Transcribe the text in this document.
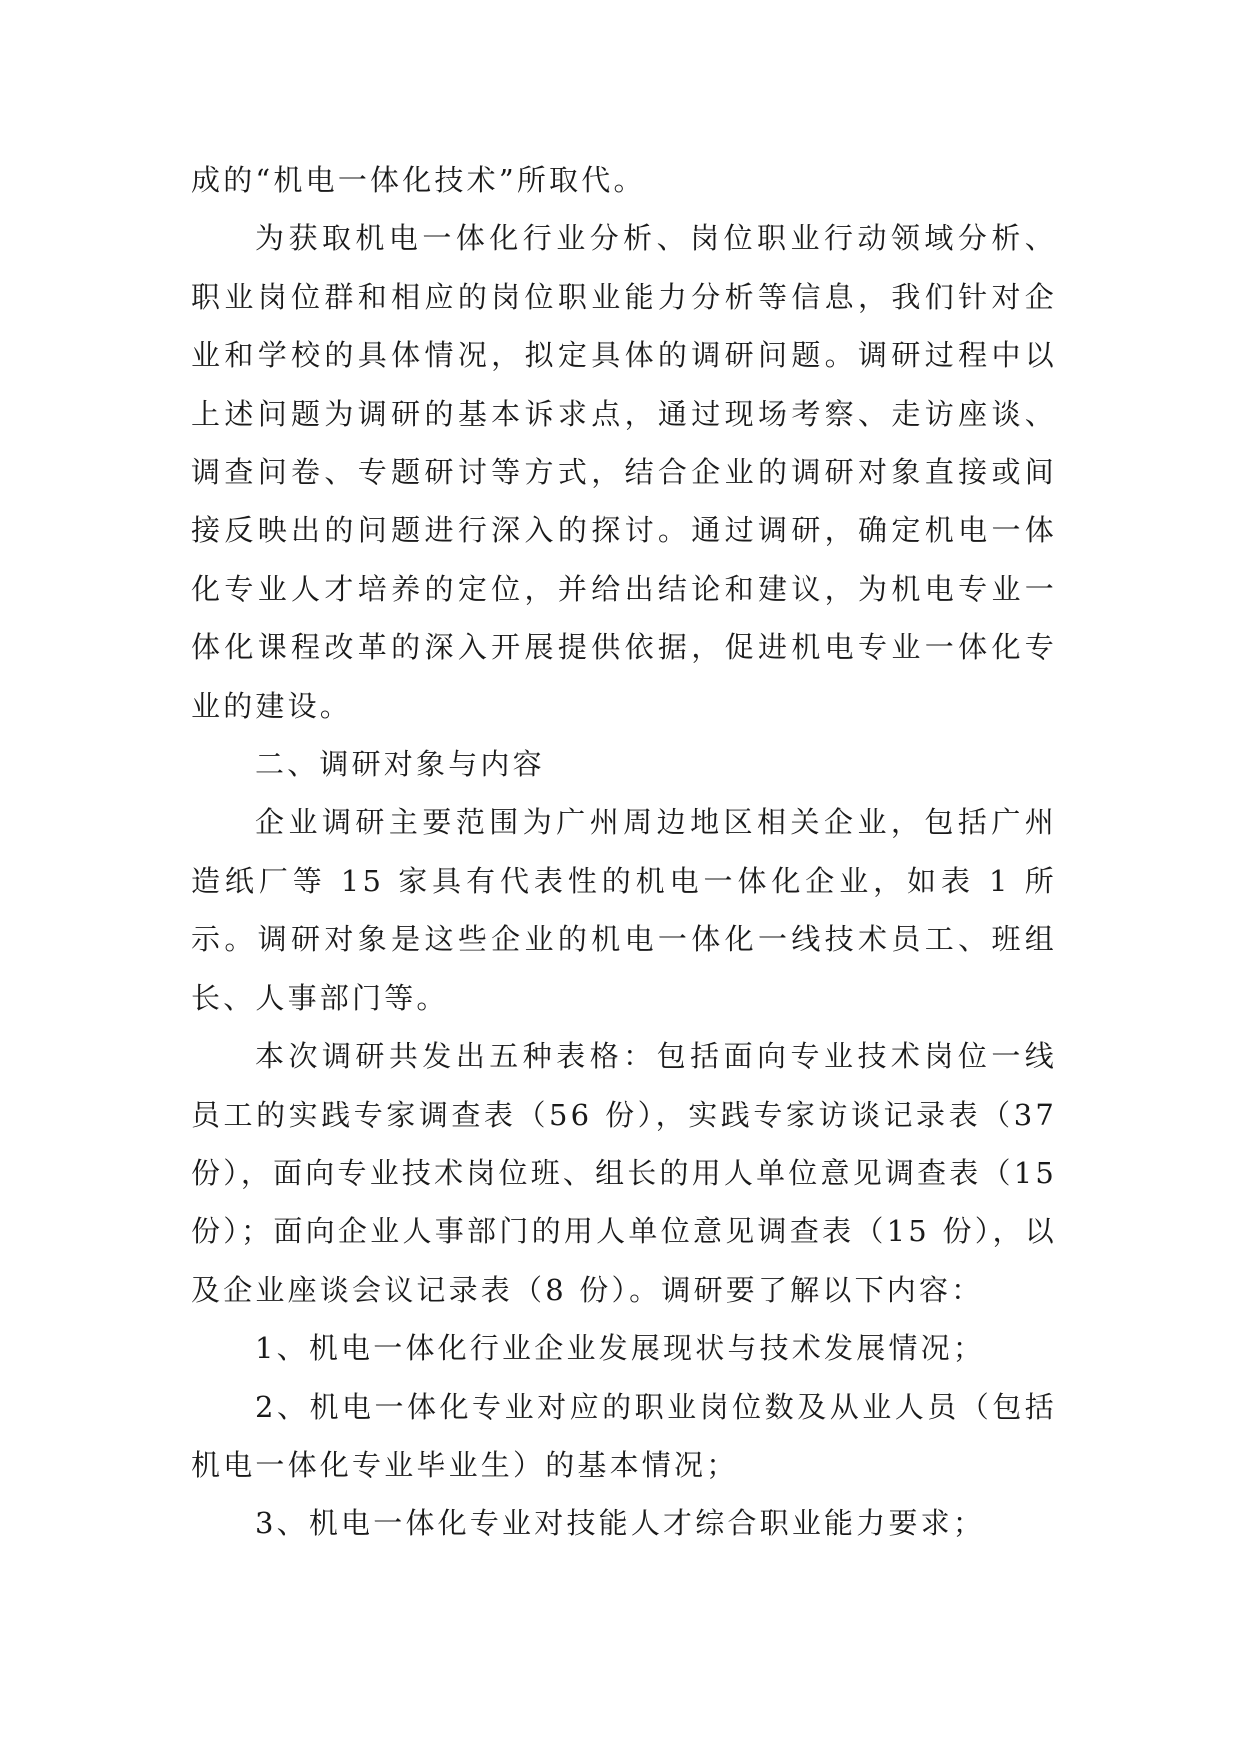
成的“机电一体化技术”所取代。

为获取机电一体化行业分析、岗位职业行动领域分析、职业岗位群和相应的岗位职业能力分析等信息，我们针对企业和学校的具体情况，拟定具体的调研问题。调研过程中以上述问题为调研的基本诉求点，通过现场考察、走访座谈、调查问卷、专题研讨等方式，结合企业的调研对象直接或间接反映出的问题进行深入的探讨。通过调研，确定机电一体化专业人才培养的定位，并给出结论和建议，为机电专业一体化课程改革的深入开展提供依据，促进机电专业一体化专业的建设。

二、调研对象与内容

企业调研主要范围为广州周边地区相关企业，包括广州造纸厂等 15 家具有代表性的机电一体化企业，如表 1 所示。调研对象是这些企业的机电一体化一线技术员工、班组长、人事部门等。

本次调研共发出五种表格：包括面向专业技术岗位一线员工的实践专家调查表（56 份），实践专家访谈记录表（37份），面向专业技术岗位班、组长的用人单位意见调查表（15份）；面向企业人事部门的用人单位意见调查表（15 份），以及企业座谈会议记录表（8 份）。调研要了解以下内容：

1、机电一体化行业企业发展现状与技术发展情况；

2、机电一体化专业对应的职业岗位数及从业人员（包括机电一体化专业毕业生）的基本情况；

3、机电一体化专业对技能人才综合职业能力要求；
